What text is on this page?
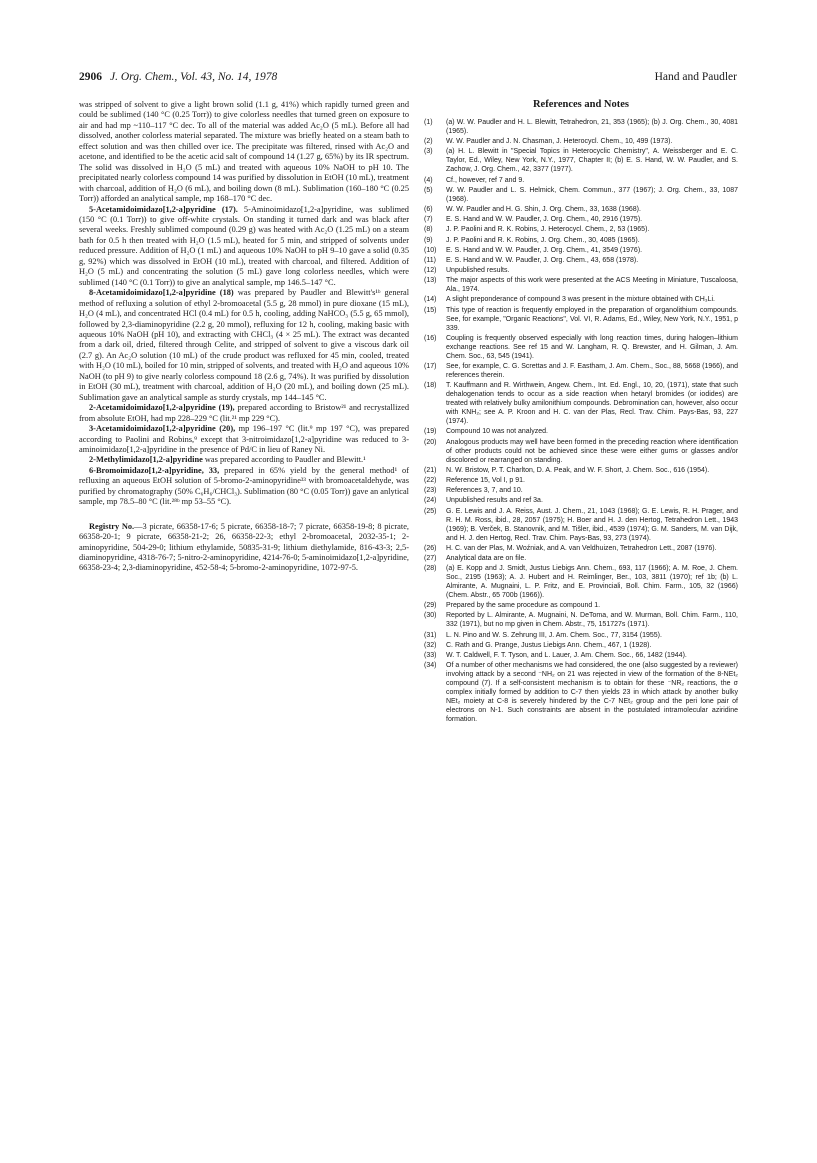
2906 J. Org. Chem., Vol. 43, No. 14, 1978	Hand and Paudler

was stripped of solvent to give a light brown solid (1.1 g, 41%) which rapidly turned green and could be sublimed (140 °C (0.25 Torr)) to give colorless needles that turned green on exposure to air and had mp ~110–117 °C dec. To all of the material was added Ac₂O (5 mL). Before all had dissolved, another colorless material separated. The mixture was briefly heated on a steam bath to effect solution and was then chilled over ice. The precipitate was filtered, rinsed with Ac₂O and acetone, and identified to be the acetic acid salt of compound 14 (1.27 g, 65%) by its IR spectrum. The solid was dissolved in H₂O (5 mL) and treated with aqueous 10% NaOH to pH 10. The precipitated nearly colorless compound 14 was purified by dissolution in EtOH (10 mL), treatment with charcoal, addition of H₂O (6 mL), and boiling down (8 mL). Sublimation (160–180 °C (0.25 Torr)) afforded an analytical sample, mp 168–170 °C dec.

5-Acetamidoimidazo[1,2-a]pyridine (17). 5-Aminoimidazo[1,2-a]pyridine, was sublimed (150 °C (0.1 Torr)) to give off-white crystals. On standing it turned dark and was black after several weeks. Freshly sublimed compound (0.29 g) was heated with Ac₂O (1.25 mL) on a steam bath for 0.5 h then treated with H₂O (1.5 mL), heated for 5 min, and stripped of solvents under reduced pressure. Addition of H₂O (1 mL) and aqueous 10% NaOH to pH 9–10 gave a solid (0.35 g, 92%) which was dissolved in EtOH (10 mL), treated with charcoal, and filtered. Addition of H₂O (5 mL) and concentrating the solution (5 mL) gave long colorless needles, which were sublimed (140 °C (0.1 Torr)) to give an analytical sample, mp 146.5–147 °C.

8-Acetamidoimidazo[1,2-a]pyridine (18) was prepared by Paudler and Blewitt's¹ᵇ general method of refluxing a solution of ethyl 2-bromoacetal (5.5 g, 28 mmol) in pure dioxane (15 mL), H₂O (4 mL), and concentrated HCl (0.4 mL) for 0.5 h, cooling, adding NaHCO₃ (5.5 g, 65 mmol), followed by 2,3-diaminopyridine (2.2 g, 20 mmol), refluxing for 12 h, cooling, making basic with aqueous 10% NaOH (pH 10), and extracting with CHCl₃ (4 × 25 mL). The extract was decanted from a dark oil, dried, filtered through Celite, and stripped of solvent to give a viscous dark oil (2.7 g). An Ac₂O solution (10 mL) of the crude product was refluxed for 45 min, cooled, treated with H₂O (10 mL), boiled for 10 min, stripped of solvents, and treated with H₂O and aqueous 10% NaOH (to pH 9) to give nearly colorless compound 18 (2.6 g, 74%). It was purified by dissolution in EtOH (30 mL), treatment with charcoal, addition of H₂O (20 mL), and boiling down (25 mL). Sublimation gave an analytical sample as sturdy crystals, mp 144–145 °C.

2-Acetamidoimidazo[1,2-a]pyridine (19), prepared according to Bristow²¹ and recrystallized from absolute EtOH, had mp 228–229 °C (lit.²¹ mp 229 °C).

3-Acetamidoimidazo[1,2-a]pyridine (20), mp 196–197 °C (lit.⁹ mp 197 °C), was prepared according to Paolini and Robins,⁹ except that 3-nitroimidazo[1,2-a]pyridine was reduced to 3-aminoimidazo[1,2-a]pyridine in the presence of Pd/C in lieu of Raney Ni.

2-Methylimidazo[1,2-a]pyridine was prepared according to Paudler and Blewitt.¹

6-Bromoimidazo[1,2-a]pyridine, 33, prepared in 65% yield by the general method¹ of refluxing an aqueous EtOH solution of 5-bromo-2-aminopyridine³³ with bromoacetaldehyde, was purified by chromatography (50% C₆H₆/CHCl₃). Sublimation (80 °C (0.05 Torr)) gave an anlytical sample, mp 78.5–80 °C (lit.²⁸ᵇ mp 53–55 °C).

Registry No.—3 picrate, 66358-17-6; 5 picrate, 66358-18-7; 7 picrate, 66358-19-8; 8 picrate, 66358-20-1; 9 picrate, 66358-21-2; 26, 66358-22-3; ethyl 2-bromoacetal, 2032-35-1; 2-aminopyridine, 504-29-0; lithium ethylamide, 50835-31-9; lithium diethylamide, 816-43-3; 2,5-diaminopyridine, 4318-76-7; 5-nitro-2-aminopyridine, 4214-76-0; 5-aminoimidazo[1,2-a]pyridine, 66358-23-4; 2,3-diaminopyridine, 452-58-4; 5-bromo-2-aminopyridine, 1072-97-5.

References and Notes
(1)	(a) W. W. Paudler and H. L. Blewitt, Tetrahedron, 21, 353 (1965); (b) J. Org. Chem., 30, 4081 (1965).
(2)	W. W. Paudler and J. N. Chasman, J. Heterocycl. Chem., 10, 499 (1973).
(3)	(a) H. L. Blewitt in "Special Topics in Heterocyclic Chemistry", A. Weissberger and E. C. Taylor, Ed., Wiley, New York, N.Y., 1977, Chapter II; (b) E. S. Hand, W. W. Paudler, and S. Zachow, J. Org. Chem., 42, 3377 (1977).
(4)	Cf., however, ref 7 and 9.
(5)	W. W. Paudler and L. S. Helmick, Chem. Commun., 377 (1967); J. Org. Chem., 33, 1087 (1968).
(6)	W. W. Paudler and H. G. Shin, J. Org. Chem., 33, 1638 (1968).
(7)	E. S. Hand and W. W. Paudler, J. Org. Chem., 40, 2916 (1975).
(8)	J. P. Paolini and R. K. Robins, J. Heterocycl. Chem., 2, 53 (1965).
(9)	J. P. Paolini and R. K. Robins, J. Org. Chem., 30, 4085 (1965).
(10)	E. S. Hand and W. W. Paudler, J. Org. Chem., 41, 3549 (1976).
(11)	E. S. Hand and W. W. Paudler, J. Org. Chem., 43, 658 (1978).
(12)	Unpublished results.
(13)	The major aspects of this work were presented at the ACS Meeting in Miniature, Tuscaloosa, Ala., 1974.
(14)	A slight preponderance of compound 3 was present in the mixture obtained with CH₃Li.
(15)	This type of reaction is frequently employed in the preparation of organolithium compounds. See, for example, "Organic Reactions", Vol. VI, R. Adams, Ed., Wiley, New York, N.Y., 1951, p 339.
(16)	Coupling is frequently observed especially with long reaction times, during halogen–lithium exchange reactions. See ref 15 and W. Langham, R. Q. Brewster, and H. Gilman, J. Am. Chem. Soc., 63, 545 (1941).
(17)	See, for example, C. G. Screttas and J. F. Eastham, J. Am. Chem., Soc., 88, 5668 (1966), and references therein.
(18)	T. Kauffmann and R. Wirthwein, Angew. Chem., Int. Ed. Engl., 10, 20, (1971), state that such dehalogenation tends to occur as a side reaction when hetaryl bromides (or iodides) are treated with relatively bulky amilonithium compounds. Debromination can, however, also occur with KNH₂; see A. P. Kroon and H. C. van der Plas, Recl. Trav. Chim. Pays-Bas, 93, 227 (1974).
(19)	Compound 10 was not analyzed.
(20)	Analogous products may well have been formed in the preceding reaction where identification of other products could not be achieved since these were either gums or glasses and/or discolored or rearranged on standing.
(21)	N. W. Bristow, P. T. Charlton, D. A. Peak, and W. F. Short, J. Chem. Soc., 616 (1954).
(22)	Reference 15, Vol I, p 91.
(23)	References 3, 7, and 10.
(24)	Unpublished results and ref 3a.
(25)	G. E. Lewis and J. A. Reiss, Aust. J. Chem., 21, 1043 (1968); G. E. Lewis, R. H. Prager, and R. H. M. Ross, ibid., 28, 2057 (1975); H. Boer and H. J. den Hertog, Tetrahedron Lett., 1943 (1969); B. Verček, B. Stanovnik, and M. Tišler, ibid., 4539 (1974); G. M. Sanders, M. van Dijk, and H. J. den Hertog, Recl. Trav. Chim. Pays-Bas, 93, 273 (1974).
(26)	H. C. van der Plas, M. Woźniak, and A. van Veldhuizen, Tetrahedron Lett., 2087 (1976).
(27)	Analytical data are on file.
(28)	(a) E. Kopp and J. Smidt, Justus Liebigs Ann. Chem., 693, 117 (1966); A. M. Roe, J. Chem. Soc., 2195 (1963); A. J. Hubert and H. Reimlinger, Ber., 103, 3811 (1970); ref 1b; (b) L. Almirante, A. Mugnaini, L. P. Fritz, and E. Provinciali, Boll. Chim. Farm., 105, 32 (1966) (Chem. Abstr., 65 700b (1966)).
(29)	Prepared by the same procedure as compound 1.
(30)	Reported by L. Almirante, A. Mugnaini, N. DeToma, and W. Murman, Boll. Chim. Farm., 110, 332 (1971), but no mp given in Chem. Abstr., 75, 151727s (1971).
(31)	L. N. Pino and W. S. Zehrung III, J. Am. Chem. Soc., 77, 3154 (1955).
(32)	C. Rath and G. Prange, Justus Liebigs Ann. Chem., 467, 1 (1928).
(33)	W. T. Caldwell, F. T. Tyson, and L. Lauer, J. Am. Chem. Soc., 66, 1482 (1944).
(34)	Of a number of other mechanisms we had considered, the one (also suggested by a reviewer) involving attack by a second ⁻NH₂ on 21 was rejected in view of the formation of the 8-NEt₂ compound (7). If a self-consistent mechanism is to obtain for these ⁻NR₂ reactions, the σ complex initially formed by addition to C-7 then yields 23 in which attack by another bulky NEt₂ moiety at C-8 is severely hindered by the C-7 NEt₂ group and the peri lone pair of electrons on N-1. Such constraints are absent in the postulated intramolecular aziridine formation.
